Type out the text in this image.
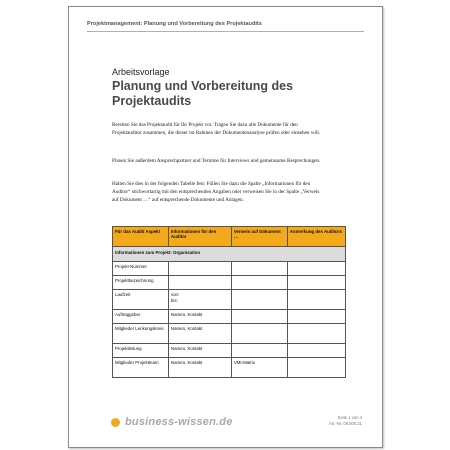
Projektmanagement: Planung und Vorbereitung des Projektaudits
Arbeitsvorlage
Planung und Vorbereitung des Projektaudits
Bereiten Sie das Projektaudit für Ihr Projekt vor. Tragen Sie dazu alle Dokumente für den Projektauditor zusammen, die dieser im Rahmen der Dokumentenanalyse prüfen oder einsehen will.
Planen Sie außerdem Ansprechpartner und Termine für Interviews und gemeinsame Besprechungen.
Halten Sie dies in der folgenden Tabelle fest: Füllen Sie dazu die Spalte „Informationen für den Auditor“ stichwortartig mit den entsprechenden Angaben oder verweisen Sie in der Spalte „Verweis auf Dokument …“ auf entsprechende Dokumente und Anlagen.
Für das Audit/ Aspekt	Informationen für den Auditor	Verweis auf Dokument …	Anmerkung des Auditors
Informationen zum Projekt: Organisation			
Projekt-Nummer			
Projektbezeichnung			
Laufzeit	von:
bis:		
Auftraggeber	Namen, Kontakt		
Mitglieder Lenkungskreis	Namen, Kontakt		
Projektleitung	Namen, Kontakt		
Mitglieder Projektteam	Namen, Kontakt	VMI-Matrix	
business-wissen.de	Seite 1 von 4
Art.-Nr. 06.000.21
